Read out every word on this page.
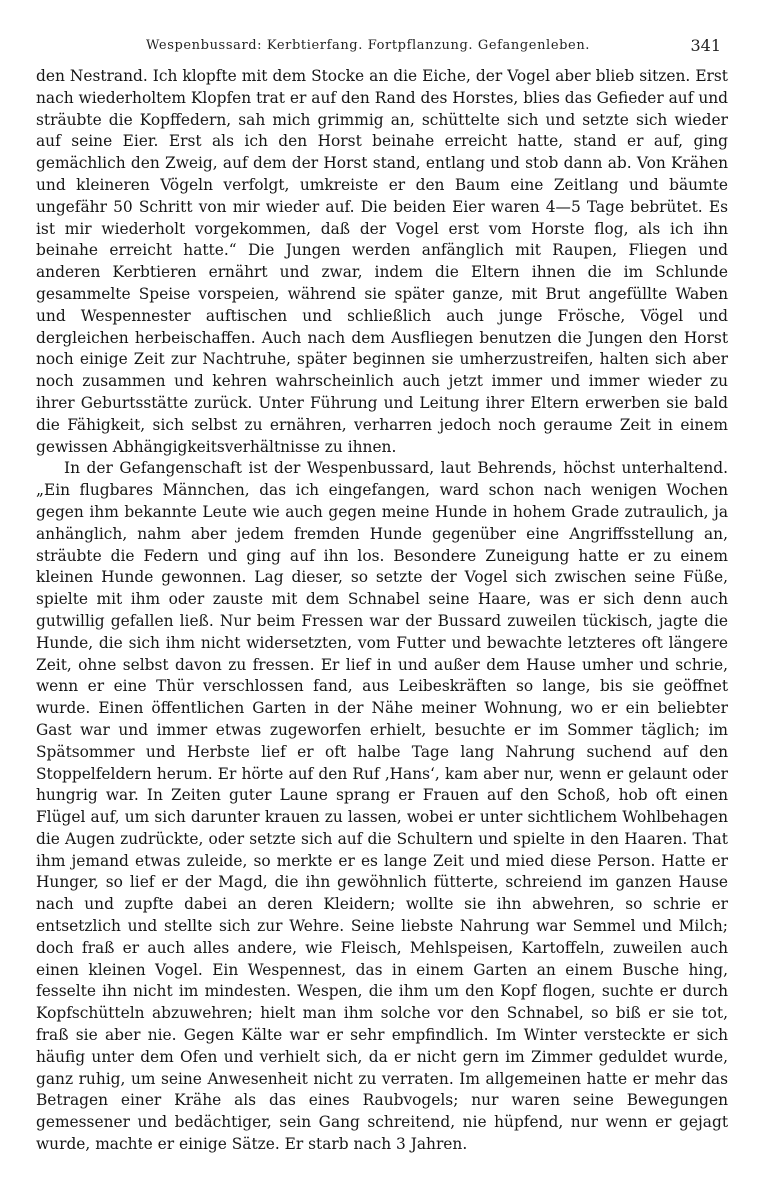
Wespenbussard: Kerbtierfang. Fortpflanzung. Gefangenleben.	341

den Nestrand. Ich klopfte mit dem Stocke an die Eiche, der Vogel aber blieb sitzen. Erst nach wiederholtem Klopfen trat er auf den Rand des Horstes, blies das Gefieder auf und sträubte die Kopffedern, sah mich grimmig an, schüttelte sich und setzte sich wieder auf seine Eier. Erst als ich den Horst beinahe erreicht hatte, stand er auf, ging gemächlich den Zweig, auf dem der Horst stand, entlang und stob dann ab. Von Krähen und kleineren Vögeln verfolgt, umkreiste er den Baum eine Zeitlang und bäumte ungefähr 50 Schritt von mir wieder auf. Die beiden Eier waren 4—5 Tage bebrütet. Es ist mir wiederholt vorgekommen, daß der Vogel erst vom Horste flog, als ich ihn beinahe erreicht hatte.“ Die Jungen werden anfänglich mit Raupen, Fliegen und anderen Kerbtieren ernährt und zwar, indem die Eltern ihnen die im Schlunde gesammelte Speise vorspeien, während sie später ganze, mit Brut angefüllte Waben und Wespennester auftischen und schließlich auch junge Frösche, Vögel und dergleichen herbeischaffen. Auch nach dem Ausfliegen benutzen die Jungen den Horst noch einige Zeit zur Nachtruhe, später beginnen sie umherzustreifen, halten sich aber noch zusammen und kehren wahrscheinlich auch jetzt immer und immer wieder zu ihrer Geburtsstätte zurück. Unter Führung und Leitung ihrer Eltern erwerben sie bald die Fähigkeit, sich selbst zu ernähren, verharren jedoch noch geraume Zeit in einem gewissen Abhängigkeitsverhältnisse zu ihnen.

In der Gefangenschaft ist der Wespenbussard, laut Behrends, höchst unterhaltend. „Ein flugbares Männchen, das ich eingefangen, ward schon nach wenigen Wochen gegen ihm bekannte Leute wie auch gegen meine Hunde in hohem Grade zutraulich, ja anhänglich, nahm aber jedem fremden Hunde gegenüber eine Angriffsstellung an, sträubte die Federn und ging auf ihn los. Besondere Zuneigung hatte er zu einem kleinen Hunde gewonnen. Lag dieser, so setzte der Vogel sich zwischen seine Füße, spielte mit ihm oder zauste mit dem Schnabel seine Haare, was er sich denn auch gutwillig gefallen ließ. Nur beim Fressen war der Bussard zuweilen tückisch, jagte die Hunde, die sich ihm nicht widersetzten, vom Futter und bewachte letzteres oft längere Zeit, ohne selbst davon zu fressen. Er lief in und außer dem Hause umher und schrie, wenn er eine Thür verschlossen fand, aus Leibeskräften so lange, bis sie geöffnet wurde. Einen öffentlichen Garten in der Nähe meiner Wohnung, wo er ein beliebter Gast war und immer etwas zugeworfen erhielt, besuchte er im Sommer täglich; im Spätsommer und Herbste lief er oft halbe Tage lang Nahrung suchend auf den Stoppelfeldern herum. Er hörte auf den Ruf ‚Hans‘, kam aber nur, wenn er gelaunt oder hungrig war. In Zeiten guter Laune sprang er Frauen auf den Schoß, hob oft einen Flügel auf, um sich darunter krauen zu lassen, wobei er unter sichtlichem Wohlbehagen die Augen zudrückte, oder setzte sich auf die Schultern und spielte in den Haaren. That ihm jemand etwas zuleide, so merkte er es lange Zeit und mied diese Person. Hatte er Hunger, so lief er der Magd, die ihn gewöhnlich fütterte, schreiend im ganzen Hause nach und zupfte dabei an deren Kleidern; wollte sie ihn abwehren, so schrie er entsetzlich und stellte sich zur Wehre. Seine liebste Nahrung war Semmel und Milch; doch fraß er auch alles andere, wie Fleisch, Mehlspeisen, Kartoffeln, zuweilen auch einen kleinen Vogel. Ein Wespennest, das in einem Garten an einem Busche hing, fesselte ihn nicht im mindesten. Wespen, die ihm um den Kopf flogen, suchte er durch Kopfschütteln abzuwehren; hielt man ihm solche vor den Schnabel, so biß er sie tot, fraß sie aber nie. Gegen Kälte war er sehr empfindlich. Im Winter versteckte er sich häufig unter dem Ofen und verhielt sich, da er nicht gern im Zimmer geduldet wurde, ganz ruhig, um seine Anwesenheit nicht zu verraten. Im allgemeinen hatte er mehr das Betragen einer Krähe als das eines Raubvogels; nur waren seine Bewegungen gemessener und bedächtiger, sein Gang schreitend, nie hüpfend, nur wenn er gejagt wurde, machte er einige Sätze. Er starb nach 3 Jahren.
